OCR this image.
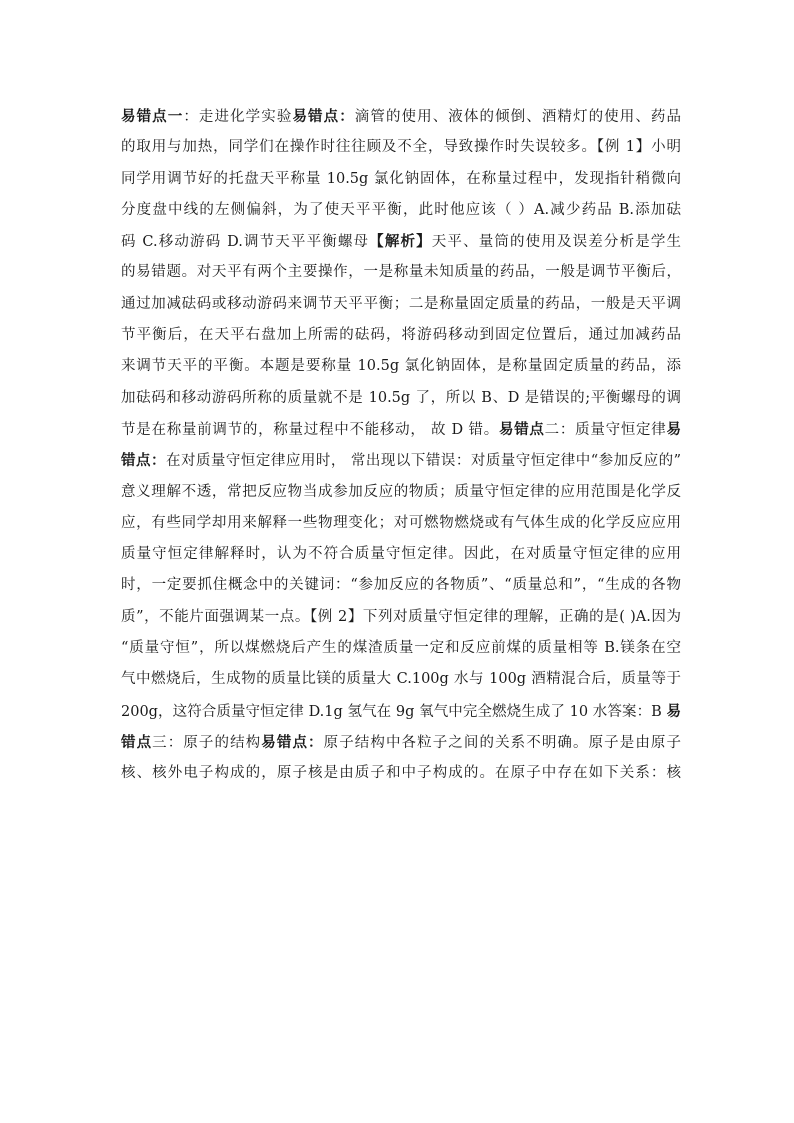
易错点一：走进化学实验易错点：滴管的使用、液体的倾倒、酒精灯的使用、药品
的取用与加热，同学们在操作时往往顾及不全，导致操作时失误较多。【例 1】小明
同学用调节好的托盘天平称量 10.5g 氯化钠固体，在称量过程中，发现指针稍微向
分度盘中线的左侧偏斜，为了使天平平衡，此时他应该（ ）A.减少药品 B.添加砝
码 C.移动游码 D.调节天平平衡螺母【解析】天平、量筒的使用及误差分析是学生
的易错题。对天平有两个主要操作，一是称量未知质量的药品，一般是调节平衡后，
通过加减砝码或移动游码来调节天平平衡；二是称量固定质量的药品，一般是天平调
节平衡后，在天平右盘加上所需的砝码，将游码移动到固定位置后，通过加减药品
来调节天平的平衡。本题是要称量 10.5g 氯化钠固体，是称量固定质量的药品，添
加砝码和移动游码所称的质量就不是 10.5g 了，所以 B、D 是错误的;平衡螺母的调
节是在称量前调节的，称量过程中不能移动， 故 D 错。易错点二：质量守恒定律易
错点：在对质量守恒定律应用时， 常出现以下错误：对质量守恒定律中“参加反应的”
意义理解不透，常把反应物当成参加反应的物质；质量守恒定律的应用范围是化学反
应，有些同学却用来解释一些物理变化；对可燃物燃烧或有气体生成的化学反应应用
质量守恒定律解释时，认为不符合质量守恒定律。因此，在对质量守恒定律的应用
时，一定要抓住概念中的关键词：“参加反应的各物质”、“质量总和”，“生成的各物
质”，不能片面强调某一点。【例 2】下列对质量守恒定律的理解，正确的是( )A.因为
“质量守恒”，所以煤燃烧后产生的煤渣质量一定和反应前煤的质量相等 B.镁条在空
气中燃烧后，生成物的质量比镁的质量大 C.100g 水与 100g 酒精混合后，质量等于
200g，这符合质量守恒定律 D.1g 氢气在 9g 氧气中完全燃烧生成了 10 水答案：B 易
错点三：原子的结构易错点：原子结构中各粒子之间的关系不明确。原子是由原子
核、核外电子构成的，原子核是由质子和中子构成的。在原子中存在如下关系：核
